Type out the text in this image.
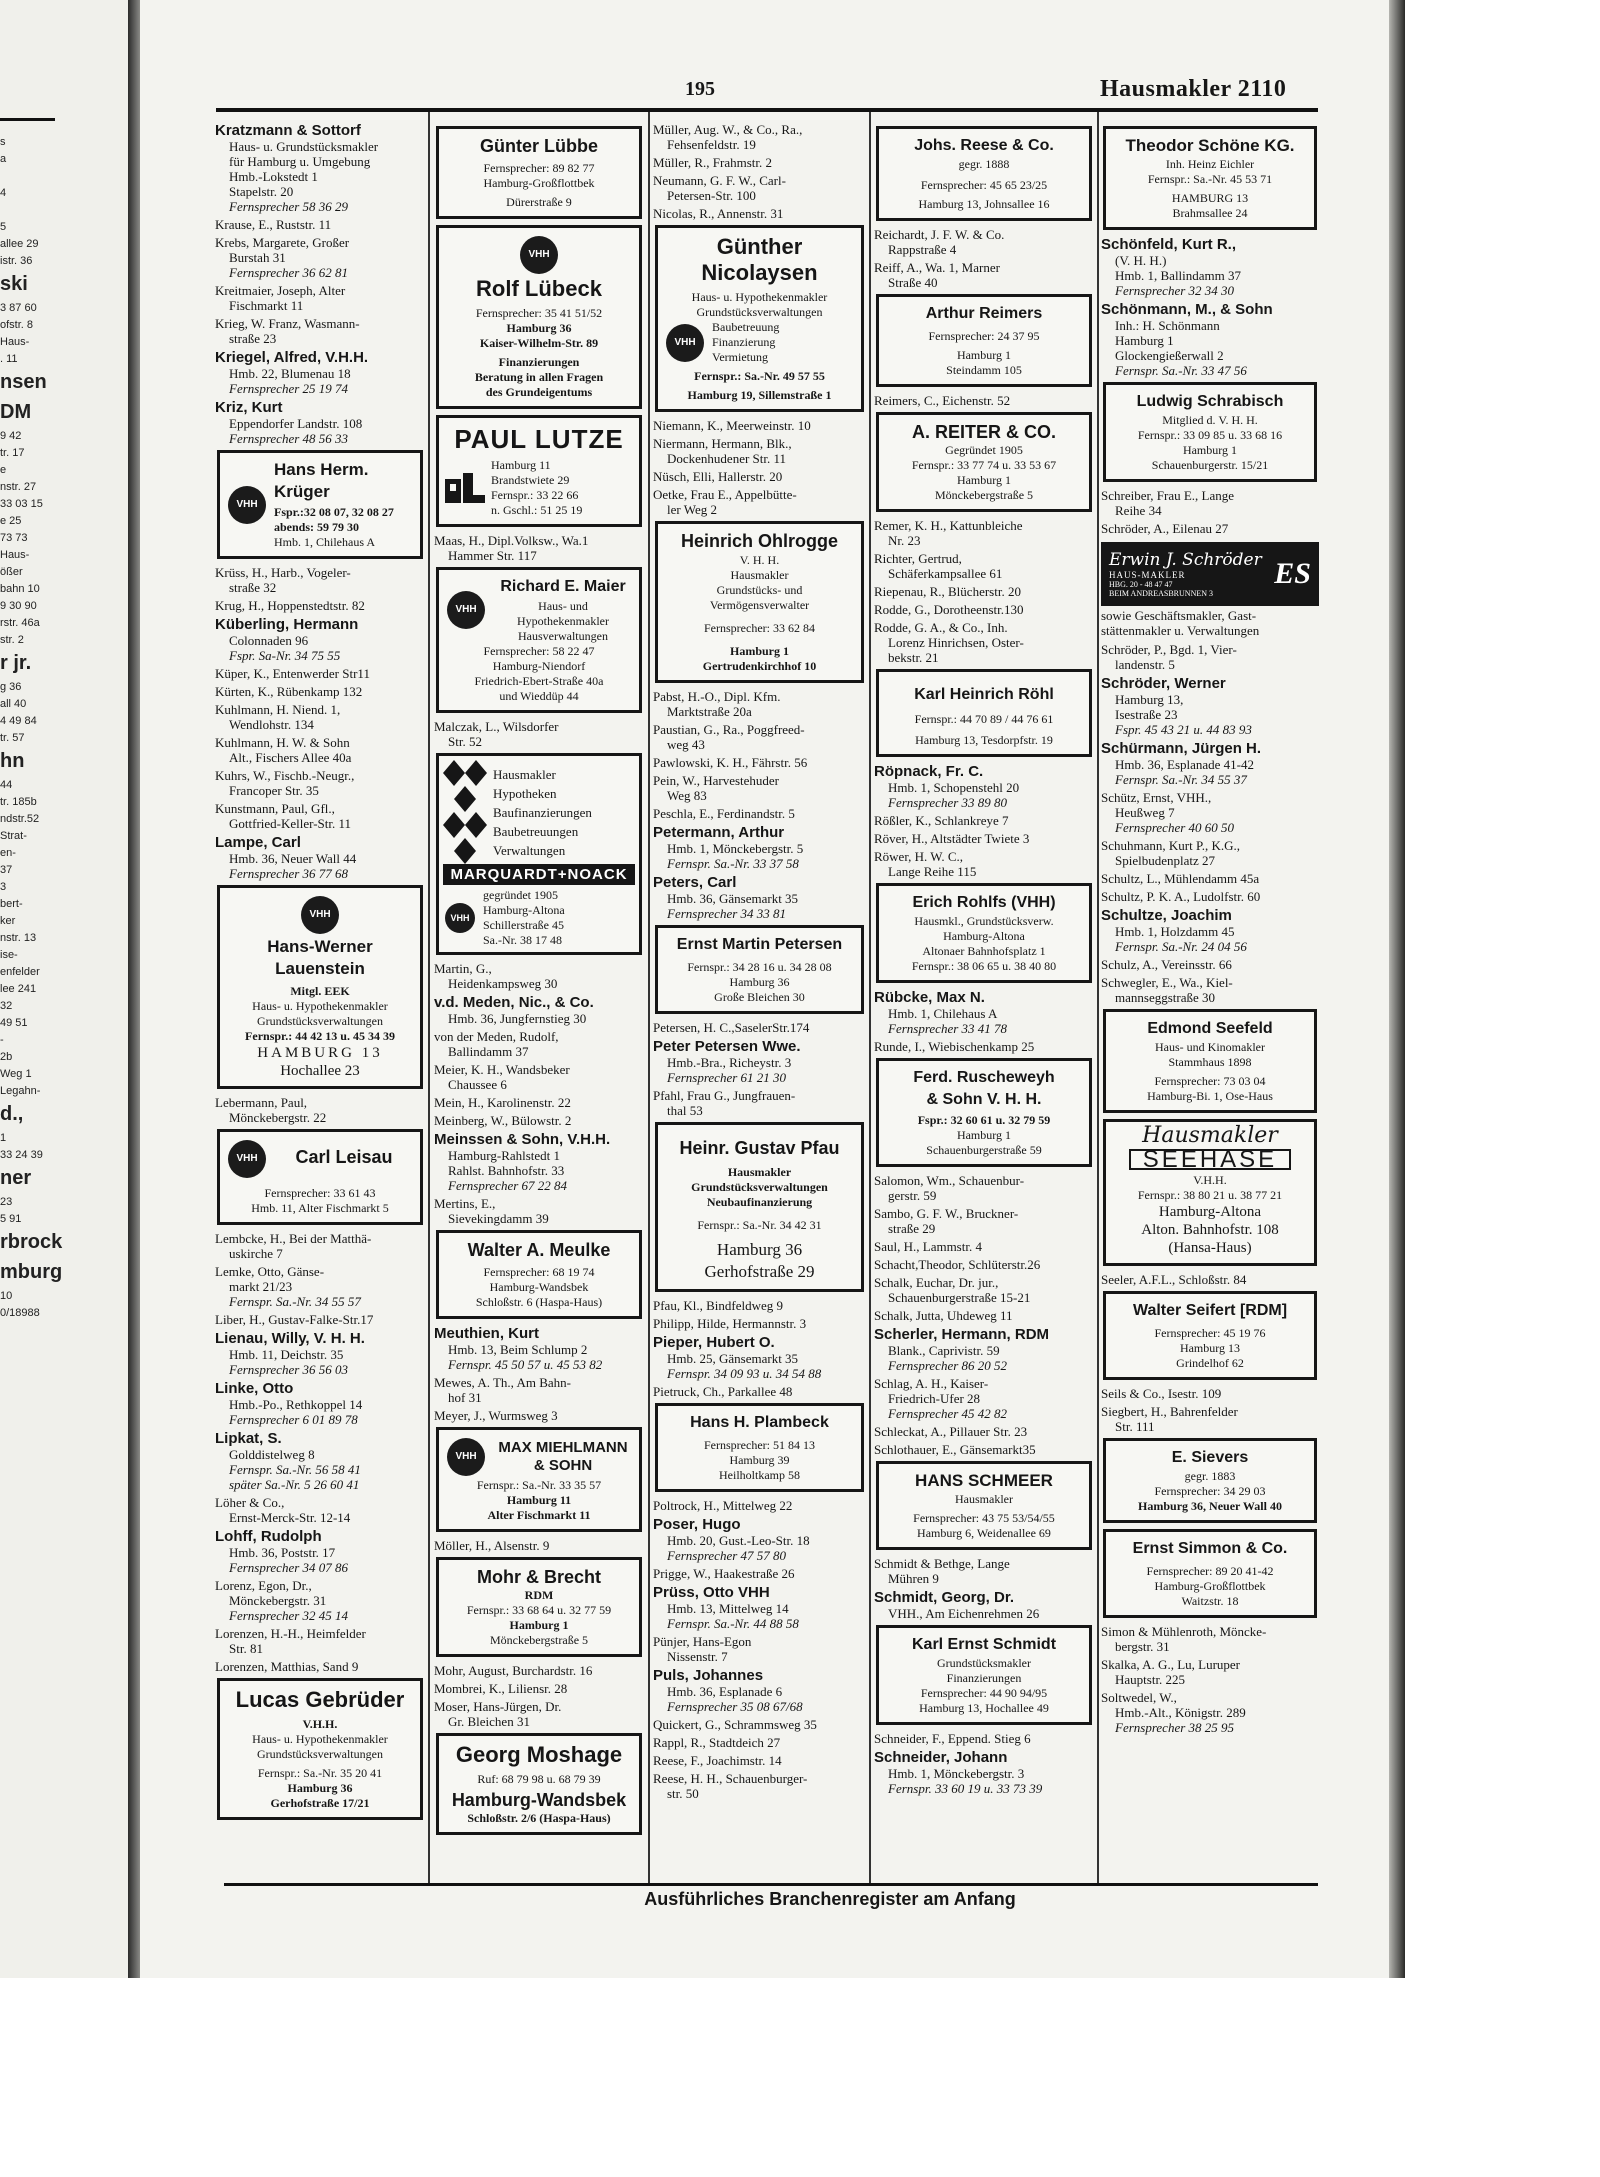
s
a
4
5
allee 29
istr. 36
ski
3 87 60
ofstr. 8
Haus-
. 11
nsen
DM
9 42
tr. 17
e
nstr. 27
33 03 15
e 25
73 73
Haus-
ößer
bahn 10
9 30 90
rstr. 46a
str. 2
r jr.
g 36
all 40
4 49 84
tr. 57
hn
44
tr. 185b
ndstr.52
Strat-
en-
37
3
bert-
ker
nstr. 13
ise-
enfelder
lee 241
32
49 51
-
2b
Weg 1
Legahn-
d.,
1
33 24 39
ner
23
5 91
rbrock
mburg
10
0/18988
195	Hausmakler 2110
Kratzmann & Sottorf
Haus- u. Grundstücksmakler
für Hamburg u. Umgebung
Hmb.-Lokstedt 1
Stapelstr. 20
Fernsprecher 58 36 29
Krause, E., Ruststr. 11
Krebs, Margarete, Großer
Burstah 31
Fernsprecher 36 62 81
Kreitmaier, Joseph, Alter
Fischmarkt 11
Krieg, W. Franz, Wasmann-
straße 23
Kriegel, Alfred, V.H.H.
Hmb. 22, Blumenau 18
Fernsprecher 25 19 74
Kriz, Kurt
Eppendorfer Landstr. 108
Fernsprecher 48 56 33
VHH
Hans Herm. Krüger
Fspr.:32 08 07, 32 08 27
abends: 59 79 30
Hmb. 1, Chilehaus A
Krüss, H., Harb., Vogeler-
straße 32
Krug, H., Hoppenstedtstr. 82
Küberling, Hermann
Colonnaden 96
Fspr. Sa-Nr. 34 75 55
Küper, K., Entenwerder Str11
Kürten, K., Rübenkamp 132
Kuhlmann, H. Niend. 1,
Wendlohstr. 134
Kuhlmann, H. W. & Sohn
Alt., Fischers Allee 40a
Kuhrs, W., Fischb.-Neugr.,
Francoper Str. 35
Kunstmann, Paul, Gfl.,
Gottfried-Keller-Str. 11
Lampe, Carl
Hmb. 36, Neuer Wall 44
Fernsprecher 36 77 68
VHH
Hans-Werner Lauenstein
Mitgl. EEK
Haus- u. Hypothekenmakler
Grundstücksverwaltungen
Fernspr.: 44 42 13 u. 45 34 39
HAMBURG 13
Hochallee 23
Lebermann, Paul,
Mönckebergstr. 22
VHH	Carl Leisau
Fernsprecher: 33 61 43
Hmb. 11, Alter Fischmarkt 5
Lembcke, H., Bei der Matthä-
uskirche 7
Lemke, Otto, Gänse-
markt 21/23
Fernspr. Sa.-Nr. 34 55 57
Liber, H., Gustav-Falke-Str.17
Lienau, Willy, V. H. H.
Hmb. 11, Deichstr. 35
Fernsprecher 36 56 03
Linke, Otto
Hmb.-Po., Rethkoppel 14
Fernsprecher 6 01 89 78
Lipkat, S.
Golddistelweg 8
Fernspr. Sa.-Nr. 56 58 41
später Sa.-Nr. 5 26 60 41
Löher & Co.,
Ernst-Merck-Str. 12-14
Lohff, Rudolph
Hmb. 36, Poststr. 17
Fernsprecher 34 07 86
Lorenz, Egon, Dr.,
Mönckebergstr. 31
Fernsprecher 32 45 14
Lorenzen, H.-H., Heimfelder
Str. 81
Lorenzen, Matthias, Sand 9
Lucas Gebrüder
V.H.H.
Haus- u. Hypothekenmakler
Grundstücksverwaltungen
Fernspr.: Sa.-Nr. 35 20 41
Hamburg 36
Gerhofstraße 17/21
Günter Lübbe
Fernsprecher: 89 82 77
Hamburg-Großflottbek
Dürerstraße 9
VHH
Rolf Lübeck
Fernsprecher: 35 41 51/52
Hamburg 36
Kaiser-Wilhelm-Str. 89
Finanzierungen
Beratung in allen Fragen
des Grundeigentums
PAUL LUTZE
Hamburg 11
Brandstwiete 29
Fernspr.: 33 22 66
n. Gschl.: 51 25 19
Maas, H., Dipl.Volksw., Wa.1
Hammer Str. 117
VHH
Richard E. Maier
Haus- und
Hypothekenmakler
Hausverwaltungen
Fernsprecher: 58 22 47
Hamburg-Niendorf
Friedrich-Ebert-Straße 40a
und Wieddüp 44
Malczak, L., Wilsdorfer
Str. 52
Hausmakler
Hypotheken
Baufinanzierungen
Baubetreuungen
Verwaltungen
MARQUARDT+NOACK
VHH
gegründet 1905
Hamburg-Altona
Schillerstraße 45
Sa.-Nr. 38 17 48
Martin, G.,
Heidenkampsweg 30
v.d. Meden, Nic., & Co.
Hmb. 36, Jungfernstieg 30
von der Meden, Rudolf,
Ballindamm 37
Meier, K. H., Wandsbeker
Chaussee 6
Mein, H., Karolinenstr. 22
Meinberg, W., Bülowstr. 2
Meinssen & Sohn, V.H.H.
Hamburg-Rahlstedt 1
Rahlst. Bahnhofstr. 33
Fernsprecher 67 22 84
Mertins, E.,
Sievekingdamm 39
Walter A. Meulke
Fernsprecher: 68 19 74
Hamburg-Wandsbek
Schloßstr. 6 (Haspa-Haus)
Meuthien, Kurt
Hmb. 13, Beim Schlump 2
Fernspr. 45 50 57 u. 45 53 82
Mewes, A. Th., Am Bahn-
hof 31
Meyer, J., Wurmsweg 3
VHH
MAX MIEHLMANN
& SOHN
Fernspr.: Sa.-Nr. 33 35 57
Hamburg 11
Alter Fischmarkt 11
Möller, H., Alsenstr. 9
Mohr & Brecht
RDM
Fernspr.: 33 68 64 u. 32 77 59
Hamburg 1
Mönckebergstraße 5
Mohr, August, Burchardstr. 16
Mombrei, K., Liliensr. 28
Moser, Hans-Jürgen, Dr.
Gr. Bleichen 31
Georg Moshage
Ruf: 68 79 98 u. 68 79 39
Hamburg-Wandsbek
Schloßstr. 2/6 (Haspa-Haus)
Müller, Aug. W., & Co., Ra.,
Fehsenfeldstr. 19
Müller, R., Frahmstr. 2
Neumann, G. F. W., Carl-
Petersen-Str. 100
Nicolas, R., Annenstr. 31
Günther Nicolaysen
Haus- u. Hypothekenmakler
Grundstücksverwaltungen
VHH
Baubetreuung
Finanzierung
Vermietung
Fernspr.: Sa.-Nr. 49 57 55
Hamburg 19, Sillemstraße 1
Niemann, K., Meerweinstr. 10
Niermann, Hermann, Blk.,
Dockenhudener Str. 11
Nüsch, Elli, Hallerstr. 20
Oetke, Frau E., Appelbütte-
ler Weg 2
Heinrich Ohlrogge
V. H. H.
Hausmakler
Grundstücks- und
Vermögensverwalter
Fernsprecher: 33 62 84
Hamburg 1
Gertrudenkirchhof 10
Pabst, H.-O., Dipl. Kfm.
Marktstraße 20a
Paustian, G., Ra., Poggfreed-
weg 43
Pawlowski, K. H., Fährstr. 56
Pein, W., Harvestehuder
Weg 83
Peschla, E., Ferdinandstr. 5
Petermann, Arthur
Hmb. 1, Mönckebergstr. 5
Fernspr. Sa.-Nr. 33 37 58
Peters, Carl
Hmb. 36, Gänsemarkt 35
Fernsprecher 34 33 81
Ernst Martin Petersen
Fernspr.: 34 28 16 u. 34 28 08
Hamburg 36
Große Bleichen 30
Petersen, H. C.,SaselerStr.174
Peter Petersen Wwe.
Hmb.-Bra., Richeystr. 3
Fernsprecher 61 21 30
Pfahl, Frau G., Jungfrauen-
thal 53
Heinr. Gustav Pfau
Hausmakler
Grundstücksverwaltungen
Neubaufinanzierung
Fernspr.: Sa.-Nr. 34 42 31
Hamburg 36
Gerhofstraße 29
Pfau, Kl., Bindfeldweg 9
Philipp, Hilde, Hermannstr. 3
Pieper, Hubert O.
Hmb. 25, Gänsemarkt 35
Fernspr. 34 09 93 u. 34 54 88
Pietruck, Ch., Parkallee 48
Hans H. Plambeck
Fernsprecher: 51 84 13
Hamburg 39
Heilholtkamp 58
Poltrock, H., Mittelweg 22
Poser, Hugo
Hmb. 20, Gust.-Leo-Str. 18
Fernsprecher 47 57 80
Prigge, W., Haakestraße 26
Prüss, Otto VHH
Hmb. 13, Mittelweg 14
Fernspr. Sa.-Nr. 44 88 58
Pünjer, Hans-Egon
Nissenstr. 7
Puls, Johannes
Hmb. 36, Esplanade 6
Fernsprecher 35 08 67/68
Quickert, G., Schrammsweg 35
Rappl, R., Stadtdeich 27
Reese, F., Joachimstr. 14
Reese, H. H., Schauenburger-
str. 50
Johs. Reese & Co.
gegr. 1888
Fernsprecher: 45 65 23/25
Hamburg 13, Johnsallee 16
Reichardt, J. F. W. & Co.
Rappstraße 4
Reiff, A., Wa. 1, Marner
Straße 40
Arthur Reimers
Fernsprecher: 24 37 95
Hamburg 1
Steindamm 105
Reimers, C., Eichenstr. 52
A. REITER & CO.
Gegründet 1905
Fernspr.: 33 77 74 u. 33 53 67
Hamburg 1
Mönckebergstraße 5
Remer, K. H., Kattunbleiche
Nr. 23
Richter, Gertrud,
Schäferkampsallee 61
Riepenau, R., Blücherstr. 20
Rodde, G., Dorotheenstr.130
Rodde, G. A., & Co., Inh.
Lorenz Hinrichsen, Oster-
bekstr. 21
Karl Heinrich Röhl
Fernspr.: 44 70 89 / 44 76 61
Hamburg 13, Tesdorpfstr. 19
Röpnack, Fr. C.
Hmb. 1, Schopenstehl 20
Fernsprecher 33 89 80
Rößler, K., Schlankreye 7
Röver, H., Altstädter Twiete 3
Röwer, H. W. C.,
Lange Reihe 115
Erich Rohlfs (VHH)
Hausmkl., Grundstücksverw.
Hamburg-Altona
Altonaer Bahnhofsplatz 1
Fernspr.: 38 06 65 u. 38 40 80
Rübcke, Max N.
Hmb. 1, Chilehaus A
Fernsprecher 33 41 78
Runde, I., Wiebischenkamp 25
Ferd. Ruscheweyh
& Sohn V. H. H.
Fspr.: 32 60 61 u. 32 79 59
Hamburg 1
Schauenburgerstraße 59
Salomon, Wm., Schauenbur-
gerstr. 59
Sambo, G. F. W., Bruckner-
straße 29
Saul, H., Lammstr. 4
Schacht,Theodor, Schlüterstr.26
Schalk, Euchar, Dr. jur.,
Schauenburgerstraße 15-21
Schalk, Jutta, Uhdeweg 11
Scherler, Hermann, RDM
Blank., Caprivistr. 59
Fernsprecher 86 20 52
Schlag, A. H., Kaiser-
Friedrich-Ufer 28
Fernsprecher 45 42 82
Schleckat, A., Pillauer Str. 23
Schlothauer, E., Gänsemarkt35
HANS SCHMEER
Hausmakler
Fernsprecher: 43 75 53/54/55
Hamburg 6, Weidenallee 69
Schmidt & Bethge, Lange
Mühren 9
Schmidt, Georg, Dr.
VHH., Am Eichenrehmen 26
Karl Ernst Schmidt
Grundstücksmakler
Finanzierungen
Fernsprecher: 44 90 94/95
Hamburg 13, Hochallee 49
Schneider, F., Eppend. Stieg 6
Schneider, Johann
Hmb. 1, Mönckebergstr. 3
Fernspr. 33 60 19 u. 33 73 39
Theodor Schöne KG.
Inh. Heinz Eichler
Fernspr.: Sa.-Nr. 45 53 71
HAMBURG 13
Brahmsallee 24
Schönfeld, Kurt R.,
(V. H. H.)
Hmb. 1, Ballindamm 37
Fernsprecher 32 34 30
Schönmann, M., & Sohn
Inh.: H. Schönmann
Hamburg 1
Glockengießerwall 2
Fernspr. Sa.-Nr. 33 47 56
Ludwig Schrabisch
Mitglied d. V. H. H.
Fernspr.: 33 09 85 u. 33 68 16
Hamburg 1
Schauenburgerstr. 15/21
Schreiber, Frau E., Lange
Reihe 34
Schröder, A., Eilenau 27
Erwin J. Schröder
HAUS-MAKLER
HBG. 20 - 48 47 47
BEIM ANDREASBRUNNEN 3
ES
sowie Geschäftsmakler, Gast-
stättenmakler u. Verwaltungen
Schröder, P., Bgd. 1, Vier-
landenstr. 5
Schröder, Werner
Hamburg 13,
Isestraße 23
Fspr. 45 43 21 u. 44 83 93
Schürmann, Jürgen H.
Hmb. 36, Esplanade 41-42
Fernspr. Sa.-Nr. 34 55 37
Schütz, Ernst, VHH.,
Heußweg 7
Fernsprecher 40 60 50
Schuhmann, Kurt P., K.G.,
Spielbudenplatz 27
Schultz, L., Mühlendamm 45a
Schultz, P. K. A., Ludolfstr. 60
Schultze, Joachim
Hmb. 1, Holzdamm 45
Fernspr. Sa.-Nr. 24 04 56
Schulz, A., Vereinsstr. 66
Schwegler, E., Wa., Kiel-
mannseggstraße 30
Edmond Seefeld
Haus- und Kinomakler
Stammhaus 1898
Fernsprecher: 73 03 04
Hamburg-Bi. 1, Ose-Haus
Hausmakler
SEEHASE
V.H.H.
Fernspr.: 38 80 21 u. 38 77 21
Hamburg-Altona
Alton. Bahnhofstr. 108
(Hansa-Haus)
Seeler, A.F.L., Schloßstr. 84
Walter Seifert [RDM]
Fernsprecher: 45 19 76
Hamburg 13
Grindelhof 62
Seils & Co., Isestr. 109
Siegbert, H., Bahrenfelder
Str. 111
E. Sievers
gegr. 1883
Fernsprecher: 34 29 03
Hamburg 36, Neuer Wall 40
Ernst Simmon & Co.
Fernsprecher: 89 20 41-42
Hamburg-Großflottbek
Waitzstr. 18
Simon & Mühlenroth, Möncke-
bergstr. 31
Skalka, A. G., Lu, Luruper
Hauptstr. 225
Soltwedel, W.,
Hmb.-Alt., Königstr. 289
Fernsprecher 38 25 95
Ausführliches Branchenregister am Anfang
